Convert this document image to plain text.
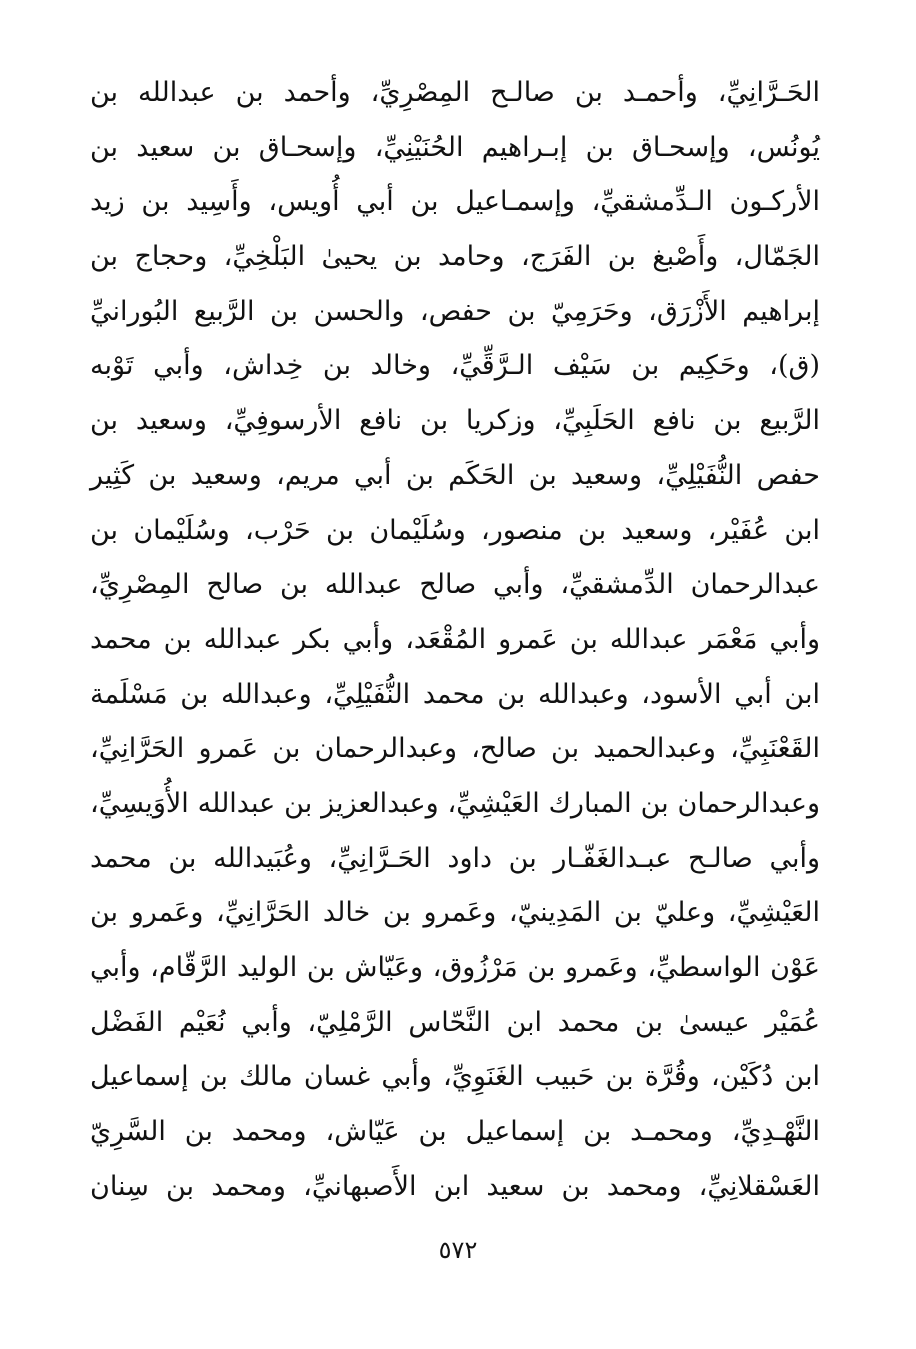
الحَـرَّانِيِّ، وأحمـد بن صالـح المِصْرِيِّ، وأحمد بن عبدالله بن
يُونُس، وإسحـاق بن إبـراهيم الحُنَيْنِيِّ، وإسحـاق بن سعيد بن
الأركـون الـدِّمشقيِّ، وإسمـاعيل بن أبي أُويس، وأَسِيد بن زيد
الجَمّال، وأَصْبغ بن الفَرَج، وحامد بن يحيىٰ البَلْخِيِّ، وحجاج بن
إبراهيم الأَزْرَق، وحَرَمِيّ بن حفص، والحسن بن الرَّبيع البُورانيِّ
(ق)، وحَكِيم بن سَيْف الـرَّقِّيِّ، وخالد بن خِداش، وأبي تَوْبه
الرَّبيع بن نافع الحَلَبِيِّ، وزكريا بن نافع الأرسوفِيِّ، وسعيد بن
حفص النُّفَيْلِيِّ، وسعيد بن الحَكَم بن أبي مريم، وسعيد بن كَثِير
ابن عُفَيْر، وسعيد بن منصور، وسُلَيْمان بن حَرْب، وسُلَيْمان بن
عبدالرحمان الدِّمشقيِّ، وأبي صالح عبدالله بن صالح المِصْرِيِّ،
وأبي مَعْمَر عبدالله بن عَمرو المُقْعَد، وأبي بكر عبدالله بن محمد
ابن أبي الأسود، وعبدالله بن محمد النُّفَيْلِيِّ، وعبدالله بن مَسْلَمة
القَعْنَبِيِّ، وعبدالحميد بن صالح، وعبدالرحمان بن عَمرو الحَرَّانِيِّ،
وعبدالرحمان بن المبارك العَيْشِيِّ، وعبدالعزيز بن عبدالله الأُوَيسِيِّ،
وأبي صالـح عبـدالغَفّـار بن داود الحَـرَّانِيِّ، وعُبَيدالله بن محمد
العَيْشِيِّ، وعليّ بن المَدِينيّ، وعَمرو بن خالد الحَرَّانِيِّ، وعَمرو بن
عَوْن الواسطيِّ، وعَمرو بن مَرْزُوق، وعَيّاش بن الوليد الرَّقّام، وأبي
عُمَيْر عيسىٰ بن محمد ابن النَّحّاس الرَّمْلِيّ، وأبي نُعَيْم الفَضْل
ابن دُكَيْن، وقُرَّة بن حَبيب الغَنَوِيِّ، وأبي غسان مالك بن إسماعيل
النَّهْـدِيِّ، ومحمـد بن إسماعيل بن عَيّاش، ومحمد بن السَّرِيّ
العَسْقلانِيِّ، ومحمد بن سعيد ابن الأَصبهانيِّ، ومحمد بن سِنان
٥٧٢
